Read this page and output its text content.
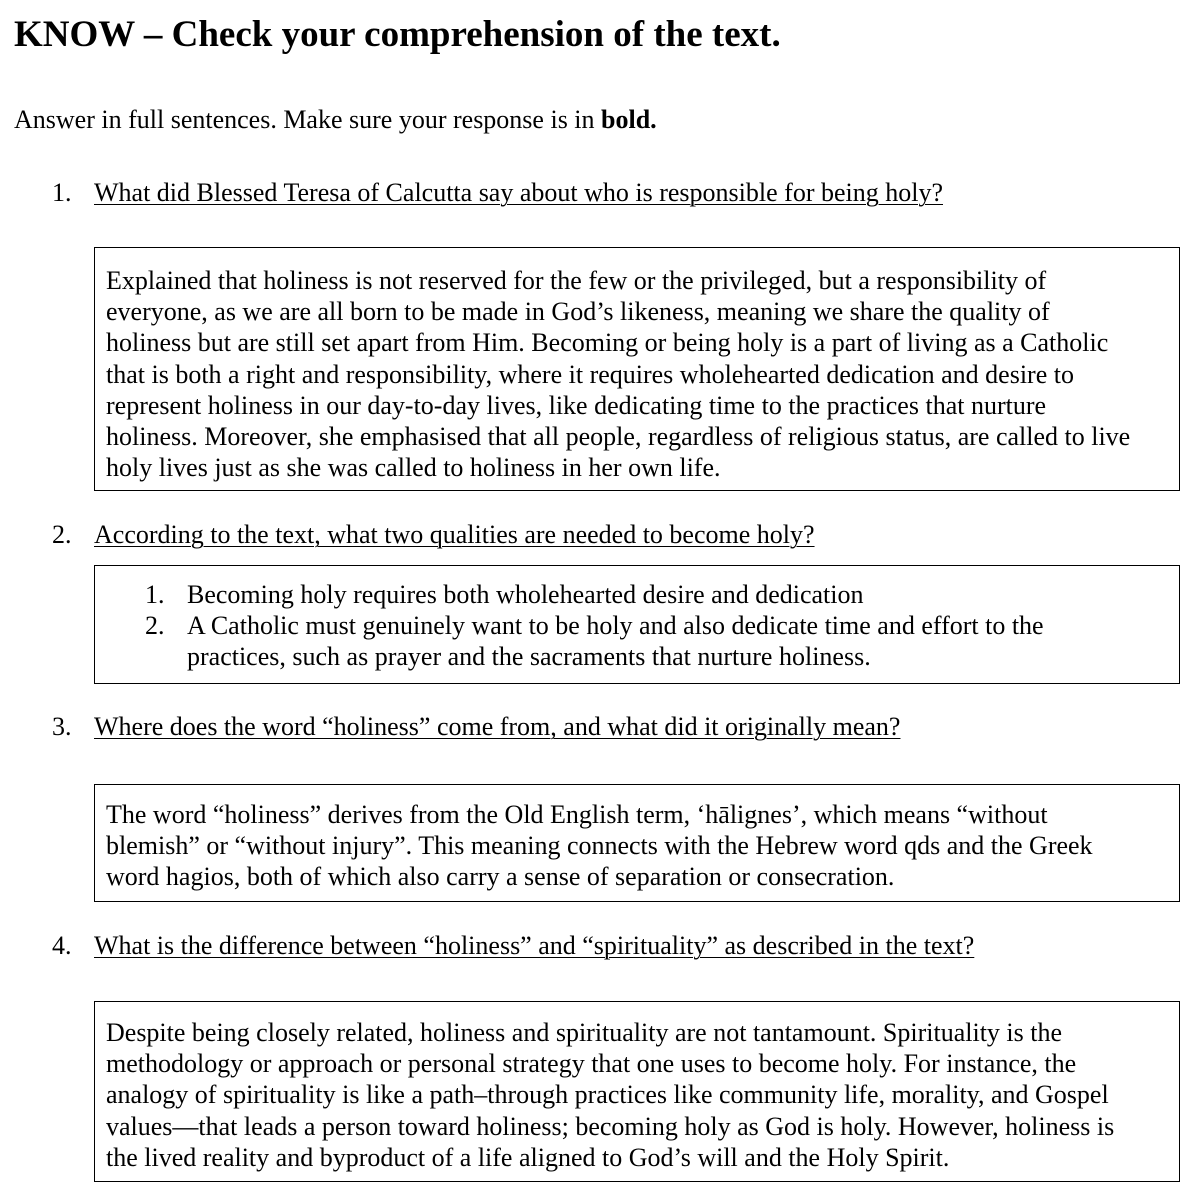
KNOW – Check your comprehension of the text.
Answer in full sentences. Make sure your response is in bold.
1. What did Blessed Teresa of Calcutta say about who is responsible for being holy?

Explained that holiness is not reserved for the few or the privileged, but a responsibility of

everyone, as we are all born to be made in God’s likeness, meaning we share the quality of

holiness but are still set apart from Him. Becoming or being holy is a part of living as a Catholic

that is both a right and responsibility, where it requires wholehearted dedication and desire to

represent holiness in our day-to-day lives, like dedicating time to the practices that nurture

holiness. Moreover, she emphasised that all people, regardless of religious status, are called to live

holy lives just as she was called to holiness in her own life.

2. According to the text, what two qualities are needed to become holy?
1. Becoming holy requires both wholehearted desire and dedication
2. A Catholic must genuinely want to be holy and also dedicate time and effort to the
practices, such as prayer and the sacraments that nurture holiness.
3. Where does the word “holiness” come from, and what did it originally mean?

The word “holiness” derives from the Old English term, ‘hālignes’, which means “without

blemish” or “without injury”. This meaning connects with the Hebrew word qds and the Greek

word hagios, both of which also carry a sense of separation or consecration.

4. What is the difference between “holiness” and “spirituality” as described in the text?

Despite being closely related, holiness and spirituality are not tantamount. Spirituality is the

methodology or approach or personal strategy that one uses to become holy. For instance, the

analogy of spirituality is like a path–through practices like community life, morality, and Gospel

values—that leads a person toward holiness; becoming holy as God is holy. However, holiness is

the lived reality and byproduct of a life aligned to God’s will and the Holy Spirit.
